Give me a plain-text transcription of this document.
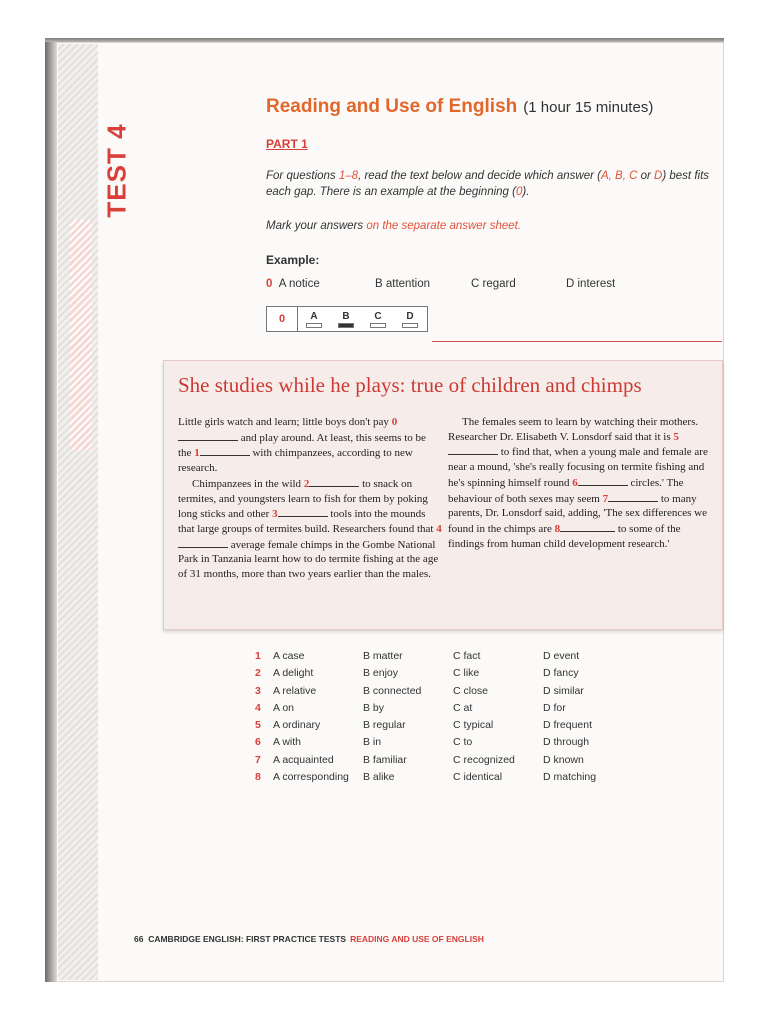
TEST 4
Reading and Use of English (1 hour 15 minutes)
PART 1
For questions 1–8, read the text below and decide which answer (A, B, C or D) best fits each gap. There is an example at the beginning (0).
Mark your answers on the separate answer sheet.
Example:
0 A notice	B attention	C regard	D interest
0	A B C D
She studies while he plays: true of children and chimps

Little girls watch and learn; little boys don't pay 0 and play around. At least, this seems to be the 1	with chimpanzees, according to new research.

Chimpanzees in the wild 2	to snack on termites, and youngsters learn to fish for them by poking long sticks and other 3	tools into the mounds that large groups of termites build. Researchers found that 4 average female chimps in the Gombe National Park in Tanzania learnt how to do termite fishing at the age of 31 months, more than two years earlier than the males.

The females seem to learn by watching their mothers. Researcher Dr. Elisabeth V. Lonsdorf said that it is 5 to find that, when a young male and female are near a mound, 'she's really focusing on termite fishing and he's spinning himself round 6	circles.' The behaviour of both sexes may seem 7	to many parents, Dr. Lonsdorf said, adding, 'The sex differences we found in the chimps are 8	to some of the findings from human child development research.'

1 A case	B matter	C fact	D event
2 A delight	B enjoy	C like	D fancy
3 A relative	B connected	C close	D similar
4 A on	B by	C at	D for
5 A ordinary	B regular	C typical	D frequent
6 A with	B in	C to	D through
7 A acquainted	B familiar	C recognized	D known
8 A corresponding B alike	C identical	D matching
66 CAMBRIDGE ENGLISH: FIRST PRACTICE TESTS READING AND USE OF ENGLISH
